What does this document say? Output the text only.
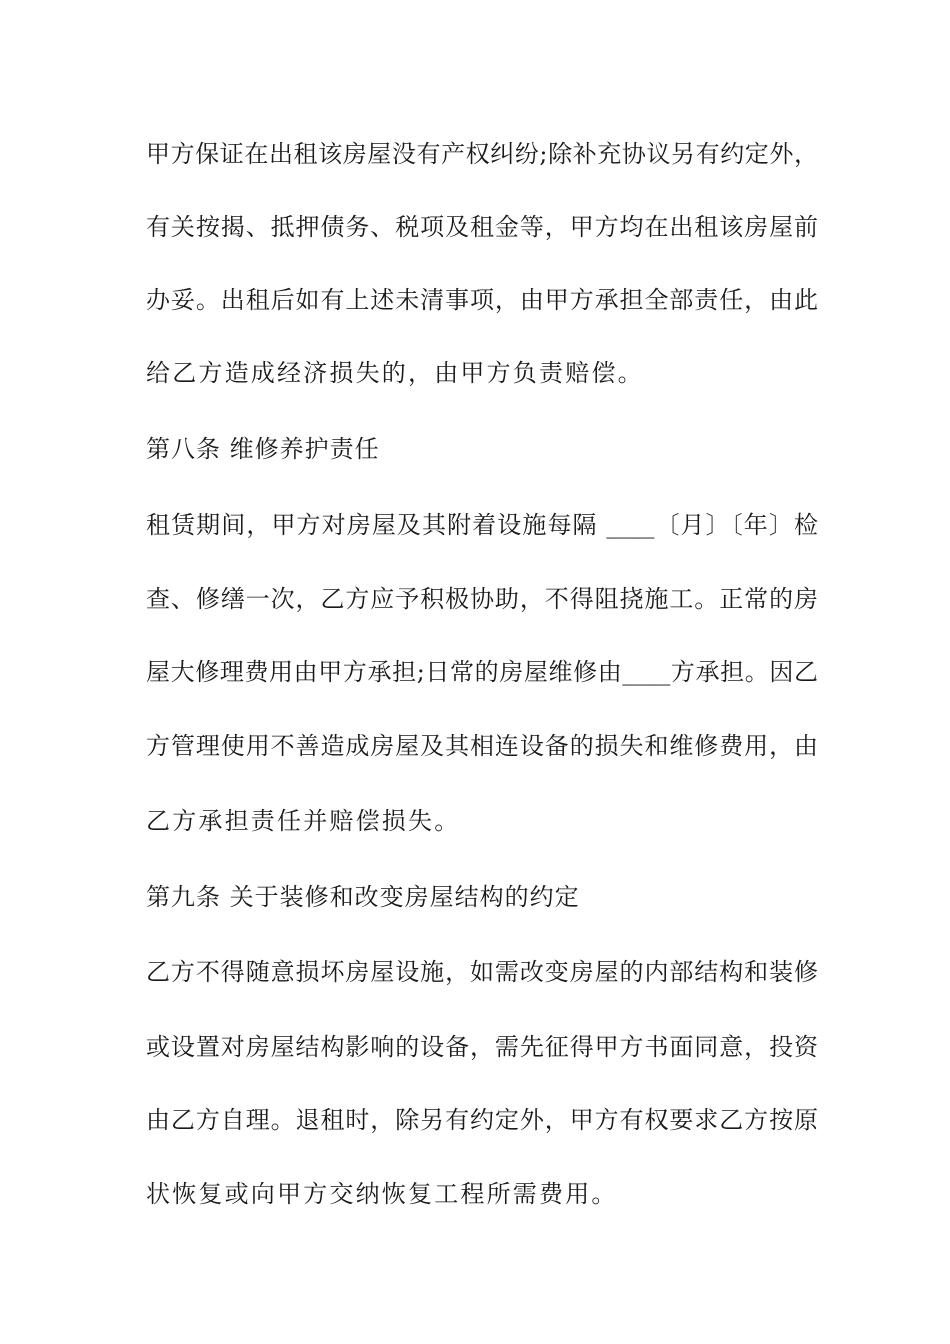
甲方保证在出租该房屋没有产权纠纷;除补充协议另有约定外，
有关按揭、抵押债务、税项及租金等，甲方均在出租该房屋前
办妥。出租后如有上述未清事项，由甲方承担全部责任，由此
给乙方造成经济损失的，由甲方负责赔偿。
第八条 维修养护责任
租赁期间，甲方对房屋及其附着设施每隔 ____〔月〕〔年〕检
查、修缮一次，乙方应予积极协助，不得阻挠施工。正常的房
屋大修理费用由甲方承担;日常的房屋维修由____方承担。因乙
方管理使用不善造成房屋及其相连设备的损失和维修费用，由
乙方承担责任并赔偿损失。
第九条 关于装修和改变房屋结构的约定
乙方不得随意损坏房屋设施，如需改变房屋的内部结构和装修
或设置对房屋结构影响的设备，需先征得甲方书面同意，投资
由乙方自理。退租时，除另有约定外，甲方有权要求乙方按原
状恢复或向甲方交纳恢复工程所需费用。
